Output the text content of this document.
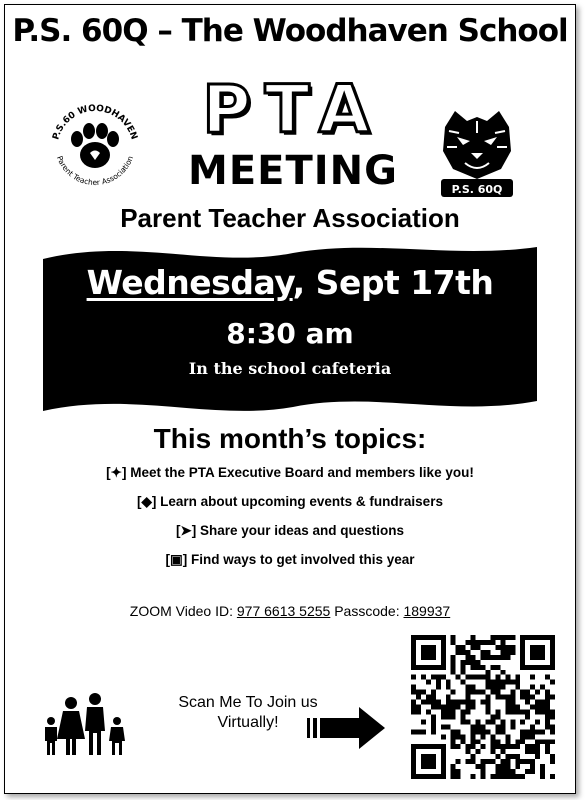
P.S. 60Q – The Woodhaven School
P.S.60 WOODHAVEN
Parent Teacher Association
PTA
MEETING	P.S. 60Q
Parent Teacher Association
Wednesday, Sept 17th
8:30 am
In the school cafeteria
This month’s topics:
[✦] Meet the PTA Executive Board and members like you!
[◆] Learn about upcoming events & fundraisers
[➤] Share your ideas and questions
[▣] Find ways to get involved this year
ZOOM Video ID: 977 6613 5255 Passcode: 189937
Scan Me To Join us
Virtually!
